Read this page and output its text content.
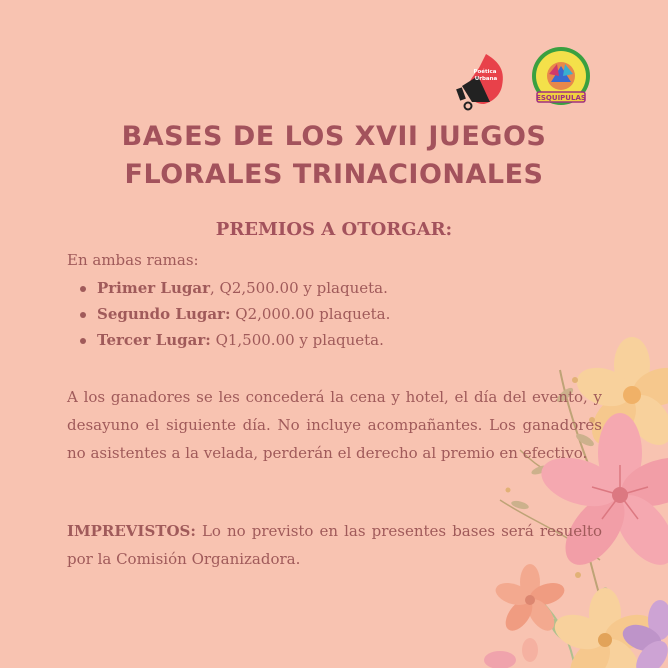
Poética
Urbana
ESQUIPULAS
BASES DE LOS XVII JUEGOS
FLORALES TRINACIONALES
PREMIOS A OTORGAR:
En ambas ramas:
Primer Lugar, Q2,500.00 y plaqueta.
Segundo Lugar: Q2,000.00 plaqueta.
Tercer Lugar: Q1,500.00 y plaqueta.

A los ganadores se les concederá la cena y hotel, el día del evento, y desayuno el siguiente día. No incluye acompañantes. Los ganadores no asistentes a la velada, perderán el derecho al premio en efectivo.

IMPREVISTOS: Lo no previsto en las presentes bases será resuelto por la Comisión Organizadora.
